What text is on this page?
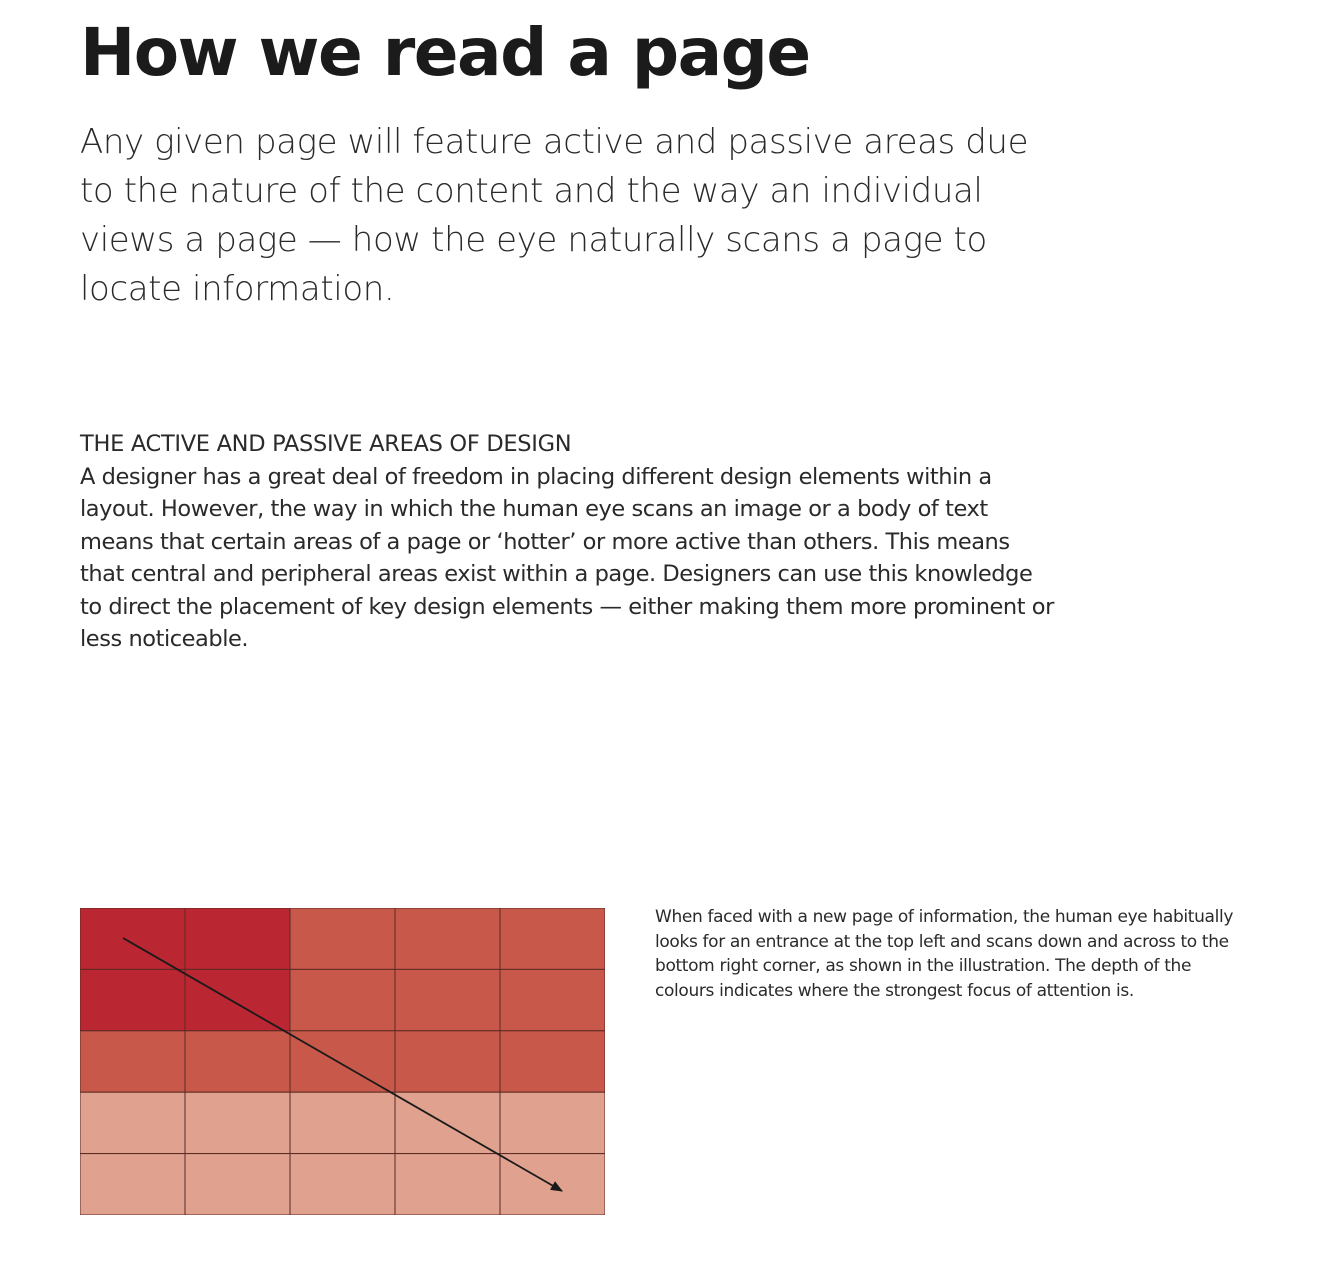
How we read a page

Any given page will feature active and passive areas due to the nature of the content and the way an individual views a page — how the eye naturally scans a page to locate information.

THE ACTIVE AND PASSIVE AREAS OF DESIGN

A designer has a great deal of freedom in placing different design elements within a layout. However, the way in which the human eye scans an image or a body of text means that certain areas of a page or ‘hotter’ or more active than others. This means that central and peripheral areas exist within a page. Designers can use this knowledge to direct the placement of key design elements — either making them more prominent or less noticeable.

When faced with a new page of information, the human eye habitually looks for an entrance at the top left and scans down and across to the bottom right corner, as shown in the illustration. The depth of the colours indicates where the strongest focus of attention is.
